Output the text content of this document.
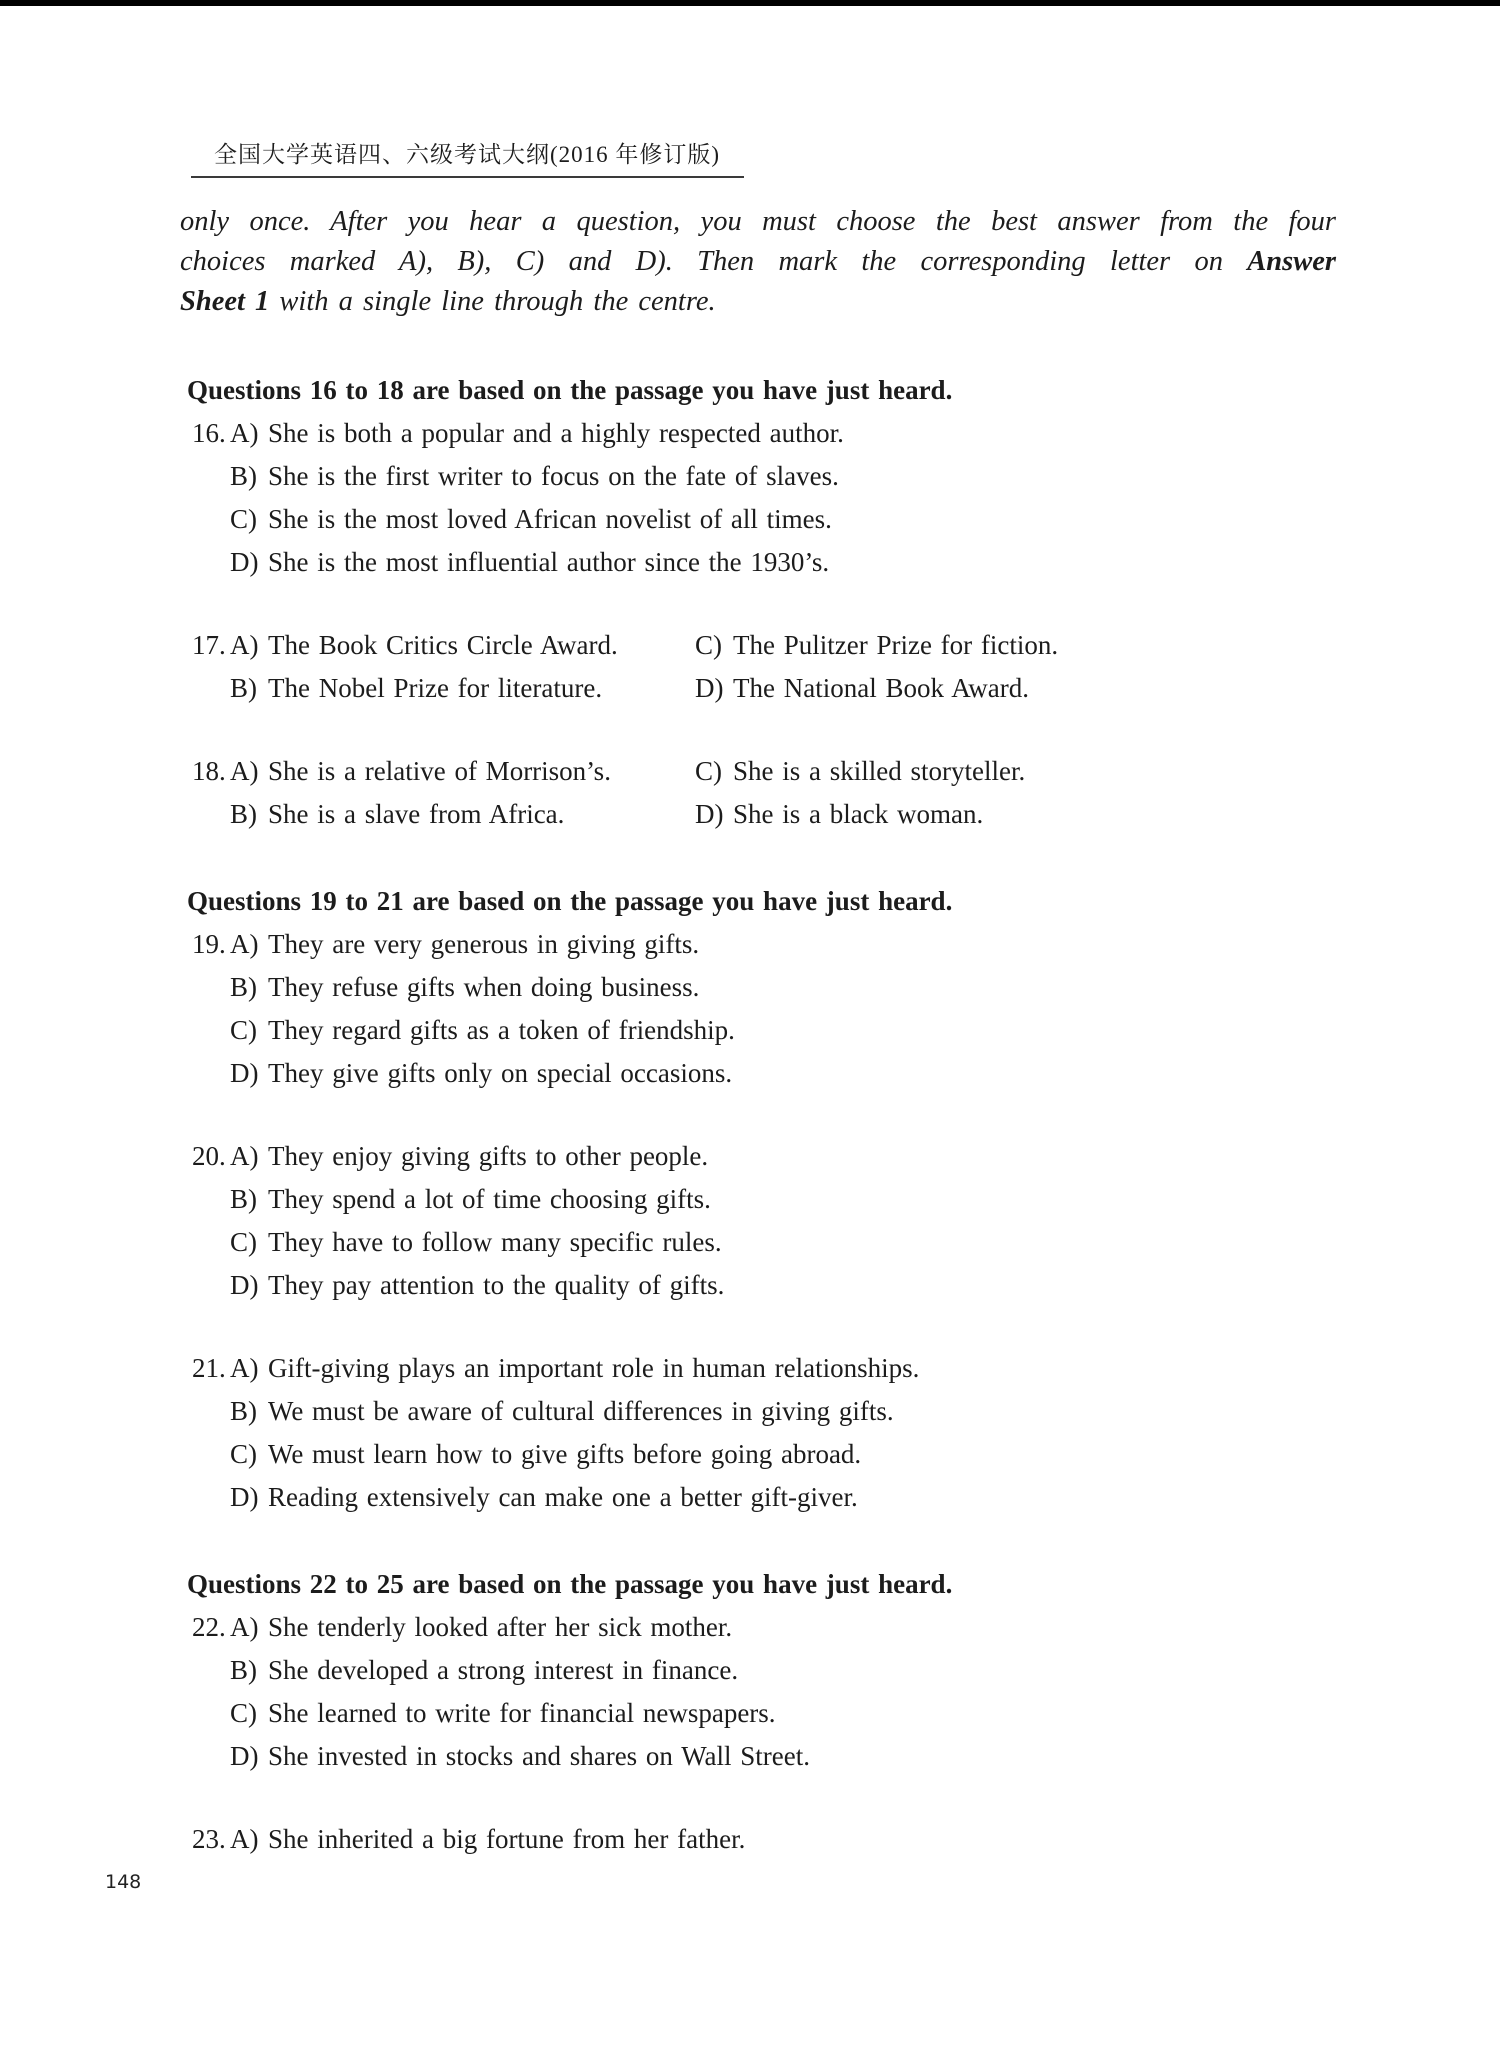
全国大学英语四、六级考试大纲(2016 年修订版)
only once. After you hear a question, you must choose the best answer from the four
choices marked A), B), C) and D). Then mark the corresponding letter on Answer
Sheet 1 with a single line through the centre.
Questions 16 to 18 are based on the passage you have just heard.
16. A) She is both a popular and a highly respected author.
B) She is the first writer to focus on the fate of slaves.
C) She is the most loved African novelist of all times.
D) She is the most influential author since the 1930’s.
17. A) The Book Critics Circle Award.	C) The Pulitzer Prize for fiction.
B) The Nobel Prize for literature.	D) The National Book Award.
18. A) She is a relative of Morrison’s.	C) She is a skilled storyteller.
B) She is a slave from Africa.	D) She is a black woman.
Questions 19 to 21 are based on the passage you have just heard.
19. A) They are very generous in giving gifts.
B) They refuse gifts when doing business.
C) They regard gifts as a token of friendship.
D) They give gifts only on special occasions.
20. A) They enjoy giving gifts to other people.
B) They spend a lot of time choosing gifts.
C) They have to follow many specific rules.
D) They pay attention to the quality of gifts.
21. A) Gift-giving plays an important role in human relationships.
B) We must be aware of cultural differences in giving gifts.
C) We must learn how to give gifts before going abroad.
D) Reading extensively can make one a better gift-giver.
Questions 22 to 25 are based on the passage you have just heard.
22. A) She tenderly looked after her sick mother.
B) She developed a strong interest in finance.
C) She learned to write for financial newspapers.
D) She invested in stocks and shares on Wall Street.
23. A) She inherited a big fortune from her father.
148
